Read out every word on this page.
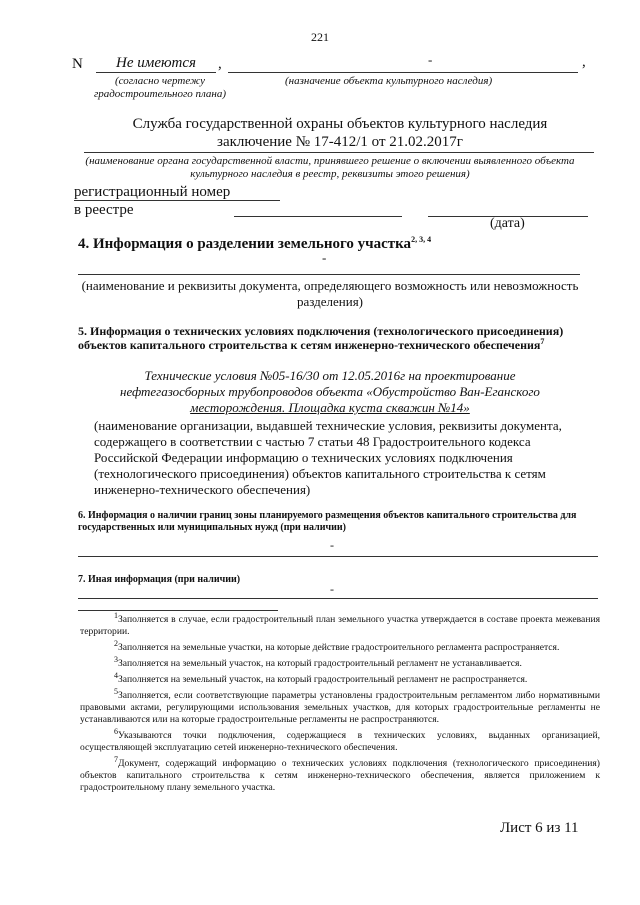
221
N Не имеются ,	-	,
(согласно чертежу градостроительного плана)
(назначение объекта культурного наследия)
Служба государственной охраны объектов культурного наследия
заключение № 17-412/1 от 21.02.2017г
(наименование органа государственной власти, принявшего решение о включении выявленного объекта культурного наследия в реестр, реквизиты этого решения)
регистрационный номер
в реестре
(дата)
4. Информация о разделении земельного участка$^{2, 3, 4}$
-
(наименование и реквизиты документа, определяющего возможность или невозможность разделения)
5. Информация о технических условиях подключения (технологического присоединения) объектов капитального строительства к сетям инженерно-технического обеспечения$^7$
Технические условия №05-16/30 от 12.05.2016г на проектирование
нефтегазосборных трубопроводов объекта «Обустройство Ван-Еганского
месторождения. Площадка куста скважин №14»
(наименование организации, выдавшей технические условия, реквизиты документа,
содержащего в соответствии с частью 7 статьи 48 Градостроительного кодекса
Российской Федерации информацию о технических условиях подключения
(технологического присоединения) объектов капитального строительства к сетям
инженерно-технического обеспечения)
6. Информация о наличии границ зоны планируемого размещения объектов капитального строительства для государственных или муниципальных нужд (при наличии)
-
7. Иная информация (при наличии)
-
$^1$Заполняется в случае, если градостроительный план земельного участка утверждается в составе проекта межевания территории.
$^2$Заполняется на земельные участки, на которые действие градостроительного регламента распространяется.
$^3$Заполняется на земельный участок, на который градостроительный регламент не устанавливается.
$^4$Заполняется на земельный участок, на который градостроительный регламент не распространяется.
$^5$Заполняется, если соответствующие параметры установлены градостроительным регламентом либо нормативными правовыми актами, регулирующими использования земельных участков, для которых градостроительные регламенты не устанавливаются или на которые градостроительные регламенты не распространяются.
$^6$Указываются точки подключения, содержащиеся в технических условиях, выданных организацией, осуществляющей эксплуатацию сетей инженерно-технического обеспечения.
$^7$Документ, содержащий информацию о технических условиях подключения (технологического присоединения) объектов капитального строительства к сетям инженерно-технического обеспечения, является приложением к градостроительному плану земельного участка.
Лист 6 из 11
